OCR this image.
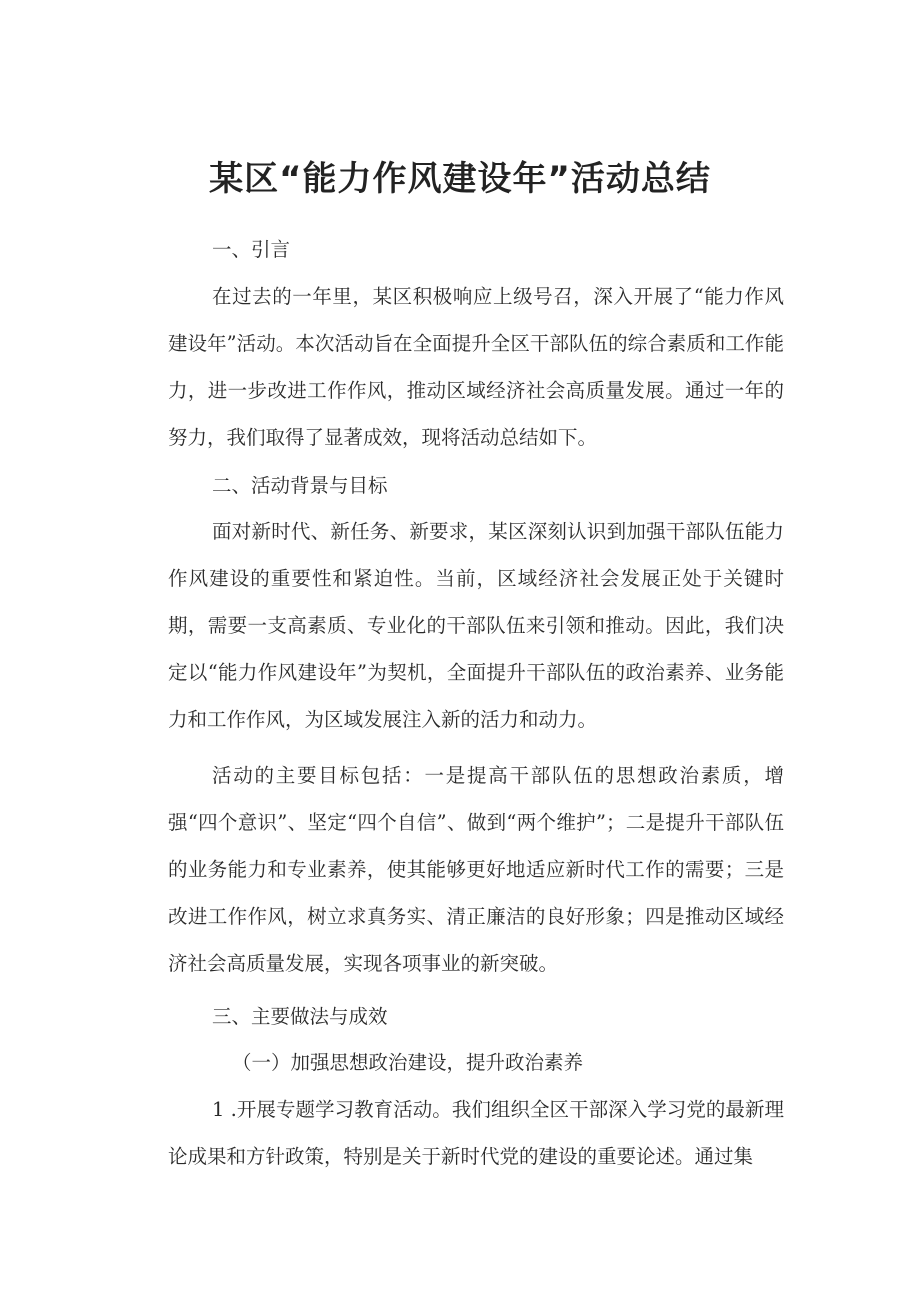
某区“能力作风建设年”活动总结

一、引言

在过去的一年里，某区积极响应上级号召，深入开展了“能力作风建设年”活动。本次活动旨在全面提升全区干部队伍的综合素质和工作能力，进一步改进工作作风，推动区域经济社会高质量发展。通过一年的努力，我们取得了显著成效，现将活动总结如下。

二、活动背景与目标

面对新时代、新任务、新要求，某区深刻认识到加强干部队伍能力作风建设的重要性和紧迫性。当前，区域经济社会发展正处于关键时期，需要一支高素质、专业化的干部队伍来引领和推动。因此，我们决定以“能力作风建设年”为契机，全面提升干部队伍的政治素养、业务能力和工作作风，为区域发展注入新的活力和动力。

活动的主要目标包括：一是提高干部队伍的思想政治素质，增强“四个意识”、坚定“四个自信”、做到“两个维护”；二是提升干部队伍的业务能力和专业素养，使其能够更好地适应新时代工作的需要；三是改进工作作风，树立求真务实、清正廉洁的良好形象；四是推动区域经济社会高质量发展，实现各项事业的新突破。

三、主要做法与成效

（一）加强思想政治建设，提升政治素养

1 .开展专题学习教育活动。我们组织全区干部深入学习党的最新理论成果和方针政策，特别是关于新时代党的建设的重要论述。通过集
